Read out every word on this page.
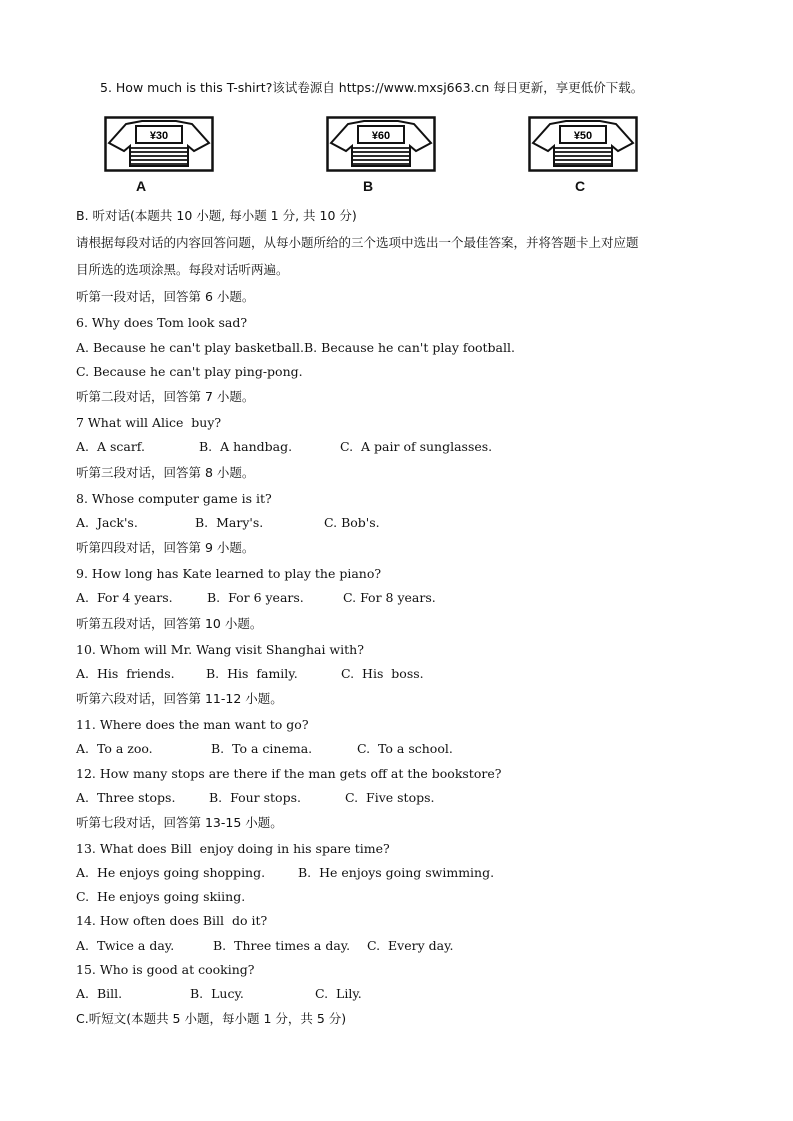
5. How much is this T-shirt?该试卷源自 https://www.mxsj663.cn 每日更新，享更低价下载。
¥30
A
¥60
B
¥50
C
B. 听对话(本题共 10 小题, 每小题 1 分, 共 10 分)
请根据每段对话的内容回答问题，从每小题所给的三个选项中选出一个最佳答案，并将答题卡上对应题
目所选的选项涂黑。每段对话听两遍。
听第一段对话，回答第 6 小题。
6. Why does Tom look sad?
A. Because he can't play basketball. B. Because he can't play football.
C. Because he can't play ping-pong.
听第二段对话，回答第 7 小题。
7 What will Alice  buy?
A.  A scarf.	B.  A handbag.	C.  A pair of sunglasses.
听第三段对话，回答第 8 小题。
8. Whose computer game is it?
A.  Jack's.	B.  Mary's.	C. Bob's.
听第四段对话，回答第 9 小题。
9. How long has Kate learned to play the piano?
A.  For 4 years.	B.  For 6 years.	C. For 8 years.
听第五段对话，回答第 10 小题。
10. Whom will Mr. Wang visit Shanghai with?
A.  His  friends.	B.  His  family.	C.  His  boss.
听第六段对话，回答第 11-12 小题。
11. Where does the man want to go?
A.  To a zoo.	B.  To a cinema.	C.  To a school.
12. How many stops are there if the man gets off at the bookstore?
A.  Three stops.	B.  Four stops.	C.  Five stops.
听第七段对话，回答第 13-15 小题。
13. What does Bill  enjoy doing in his spare time?
A.  He enjoys going shopping.	B.  He enjoys going swimming.
C.  He enjoys going skiing.
14. How often does Bill  do it?
A.  Twice a day.	B.  Three times a day. C.  Every day.
15. Who is good at cooking?
A.  Bill.	B.  Lucy.	C.  Lily.
C.听短文(本题共 5 小题，每小题 1 分，共 5 分)
